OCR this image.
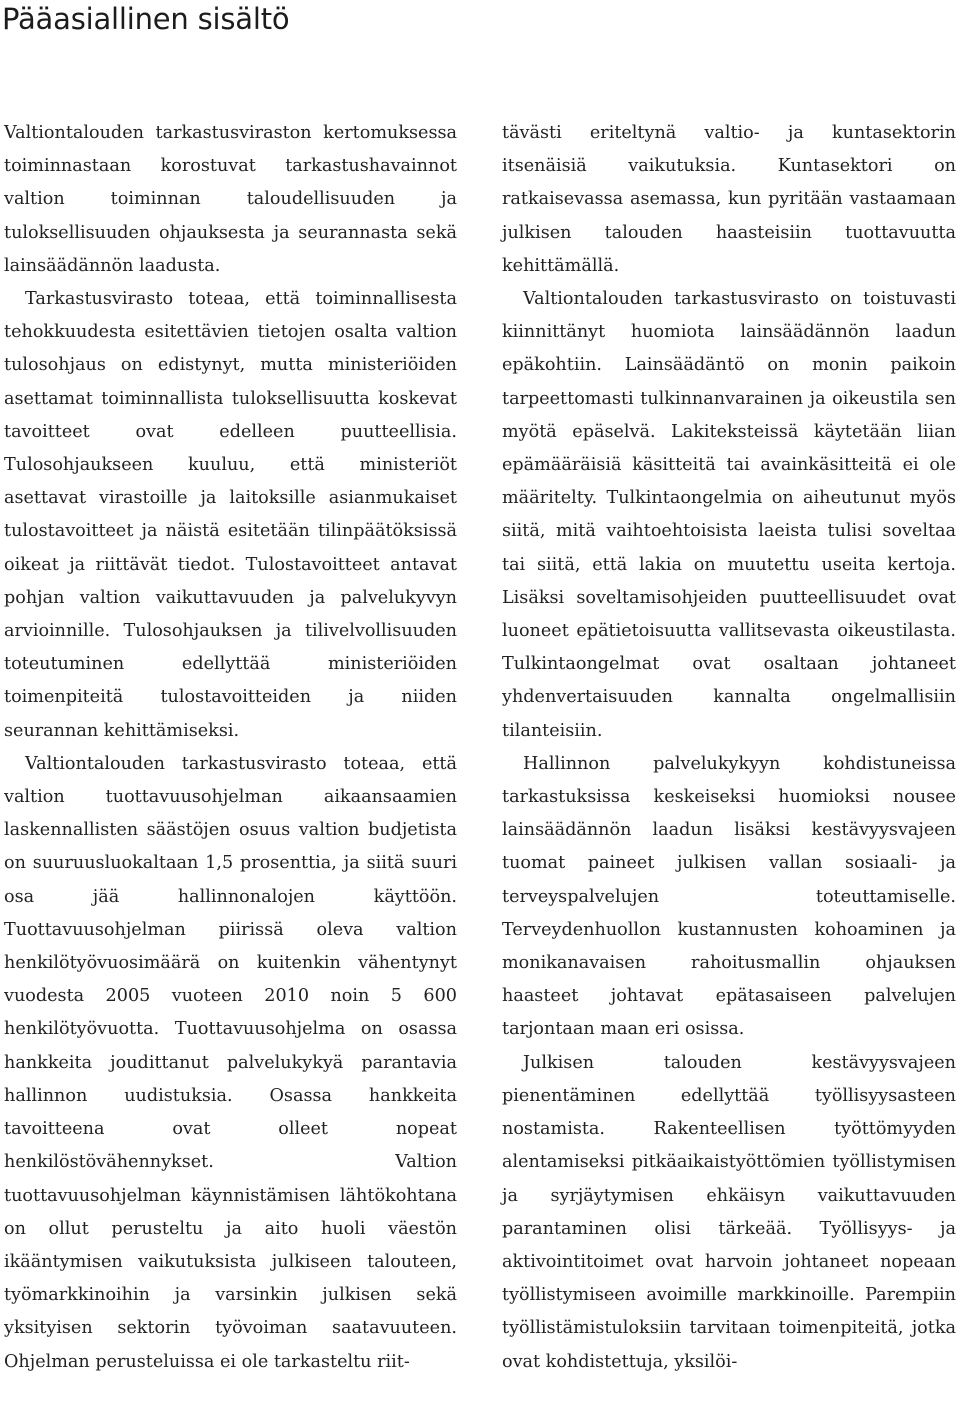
Pääasiallinen sisältö

Valtiontalouden tarkastusviraston kertomuksessa toiminnastaan korostuvat tarkastushavainnot valtion toiminnan taloudellisuuden ja tuloksellisuuden ohjauksesta ja seurannasta sekä lainsäädännön laadusta.

Tarkastusvirasto toteaa, että toiminnallisesta tehokkuudesta esitettävien tietojen osalta valtion tulosohjaus on edistynyt, mutta ministeriöiden asettamat toiminnallista tuloksellisuutta koskevat tavoitteet ovat edelleen puutteellisia. Tulosohjaukseen kuuluu, että ministeriöt asettavat virastoille ja laitoksille asianmukaiset tulostavoitteet ja näistä esitetään tilinpäätöksissä oikeat ja riittävät tiedot. Tulostavoitteet antavat pohjan valtion vaikuttavuuden ja palvelukyvyn arvioinnille. Tulosohjauksen ja tilivelvollisuuden toteutuminen edellyttää ministeriöiden toimenpiteitä tulostavoitteiden ja niiden seurannan kehittämiseksi.

Valtiontalouden tarkastusvirasto toteaa, että valtion tuottavuusohjelman aikaansaamien laskennallisten säästöjen osuus valtion budjetista on suuruusluokaltaan 1,5 prosenttia, ja siitä suuri osa jää hallinnonalojen käyttöön. Tuottavuusohjelman piirissä oleva valtion henkilötyövuosimäärä on kuitenkin vähentynyt vuodesta 2005 vuoteen 2010 noin 5 600 henkilötyövuotta. Tuottavuusohjelma on osassa hankkeita joudittanut palvelukykyä parantavia hallinnon uudistuksia. Osassa hankkeita tavoitteena ovat olleet nopeat henkilöstövähennykset. Valtion tuottavuusohjelman käynnistämisen lähtökohtana on ollut perusteltu ja aito huoli väestön ikääntymisen vaikutuksista julkiseen talouteen, työmarkkinoihin ja varsinkin julkisen sekä yksityisen sektorin työvoiman saatavuuteen. Ohjelman perusteluissa ei ole tarkasteltu riit-

tävästi eriteltynä valtio- ja kuntasektorin itsenäisiä vaikutuksia. Kuntasektori on ratkaisevassa asemassa, kun pyritään vastaamaan julkisen talouden haasteisiin tuottavuutta kehittämällä.

Valtiontalouden tarkastusvirasto on toistuvasti kiinnittänyt huomiota lainsäädännön laadun epäkohtiin. Lainsäädäntö on monin paikoin tarpeettomasti tulkinnanvarainen ja oikeustila sen myötä epäselvä. Lakiteksteissä käytetään liian epämääräisiä käsitteitä tai avainkäsitteitä ei ole määritelty. Tulkintaongelmia on aiheutunut myös siitä, mitä vaihtoehtoisista laeista tulisi soveltaa tai siitä, että lakia on muutettu useita kertoja. Lisäksi soveltamisohjeiden puutteellisuudet ovat luoneet epätietoisuutta vallitsevasta oikeustilasta. Tulkintaongelmat ovat osaltaan johtaneet yhdenvertaisuuden kannalta ongelmallisiin tilanteisiin.

Hallinnon palvelukykyyn kohdistuneissa tarkastuksissa keskeiseksi huomioksi nousee lainsäädännön laadun lisäksi kestävyysvajeen tuomat paineet julkisen vallan sosiaali- ja terveyspalvelujen toteuttamiselle. Terveydenhuollon kustannusten kohoaminen ja monikanavaisen rahoitusmallin ohjauksen haasteet johtavat epätasaiseen palvelujen tarjontaan maan eri osissa.

Julkisen talouden kestävyysvajeen pienentäminen edellyttää työllisyysasteen nostamista. Rakenteellisen työttömyyden alentamiseksi pitkäaikaistyöttömien työllistymisen ja syrjäytymisen ehkäisyn vaikuttavuuden parantaminen olisi tärkeää. Työllisyys- ja aktivointitoimet ovat harvoin johtaneet nopeaan työllistymiseen avoimille markkinoille. Parempiin työllistämistuloksiin tarvitaan toimenpiteitä, jotka ovat kohdistettuja, yksilöi-
